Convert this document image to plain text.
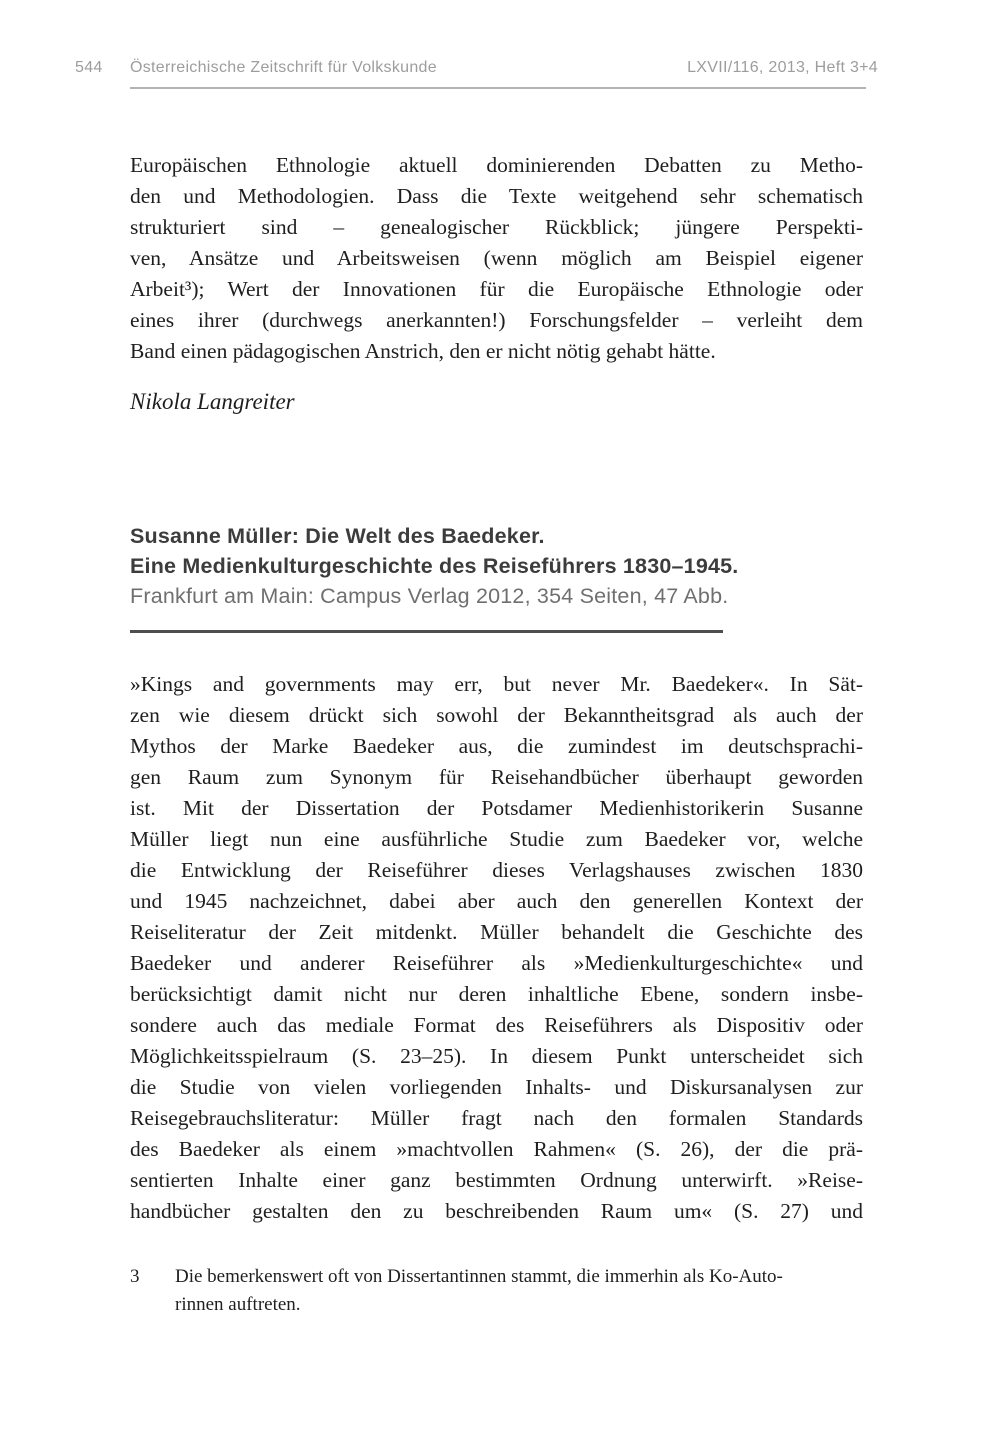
544 Österreichische Zeitschrift für Volkskunde	LXVII/116, 2013, Heft 3+4
Europäischen Ethnologie aktuell dominierenden Debatten zu Metho-
den und Methodologien. Dass die Texte weitgehend sehr schematisch
strukturiert sind – genealogischer Rückblick; jüngere Perspekti-
ven, Ansätze und Arbeitsweisen (wenn möglich am Beispiel eigener
Arbeit³); Wert der Innovationen für die Europäische Ethnologie oder
eines ihrer (durchwegs anerkannten!) Forschungsfelder – verleiht dem
Band einen pädagogischen Anstrich, den er nicht nötig gehabt hätte.
Nikola Langreiter
Susanne Müller: Die Welt des Baedeker.
Eine Medienkulturgeschichte des Reiseführers 1830–1945.
Frankfurt am Main: Campus Verlag 2012, 354 Seiten, 47 Abb.
»Kings and governments may err, but never Mr. Baedeker«. In Sät-
zen wie diesem drückt sich sowohl der Bekanntheitsgrad als auch der
Mythos der Marke Baedeker aus, die zumindest im deutschsprachi-
gen Raum zum Synonym für Reisehandbücher überhaupt geworden
ist. Mit der Dissertation der Potsdamer Medienhistorikerin Susanne
Müller liegt nun eine ausführliche Studie zum Baedeker vor, welche
die Entwicklung der Reiseführer dieses Verlagshauses zwischen 1830
und 1945 nachzeichnet, dabei aber auch den generellen Kontext der
Reiseliteratur der Zeit mitdenkt. Müller behandelt die Geschichte des
Baedeker und anderer Reiseführer als »Medienkulturgeschichte« und
berücksichtigt damit nicht nur deren inhaltliche Ebene, sondern insbe-
sondere auch das mediale Format des Reiseführers als Dispositiv oder
Möglichkeitsspielraum (S. 23–25). In diesem Punkt unterscheidet sich
die Studie von vielen vorliegenden Inhalts- und Diskursanalysen zur
Reisegebrauchsliteratur: Müller fragt nach den formalen Standards
des Baedeker als einem »machtvollen Rahmen« (S. 26), der die prä-
sentierten Inhalte einer ganz bestimmten Ordnung unterwirft. »Reise-
handbücher gestalten den zu beschreibenden Raum um« (S. 27) und
3 Die bemerkenswert oft von Dissertantinnen stammt, die immerhin als Ko-Auto-
rinnen auftreten.
